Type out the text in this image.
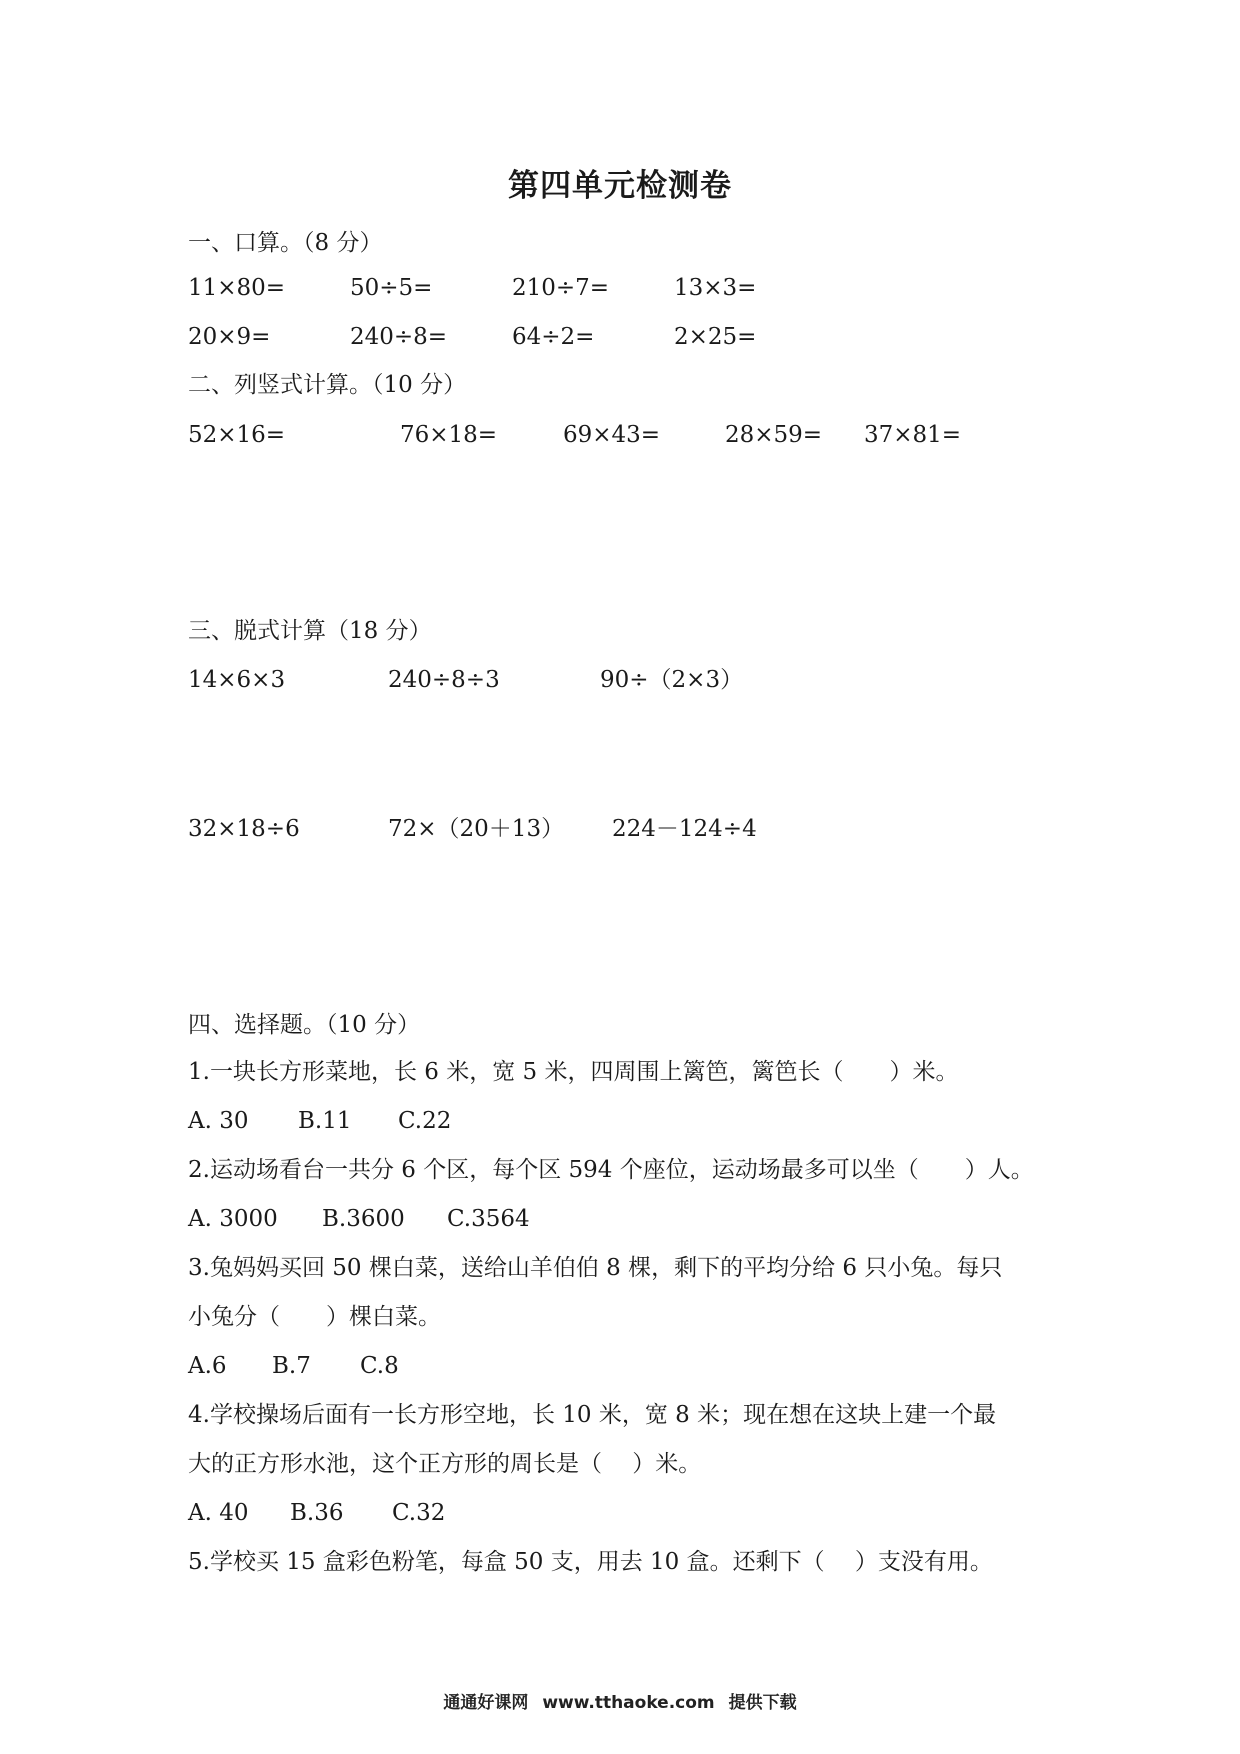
第四单元检测卷
一、口算。（8 分）
11×80=	50÷5=	210÷7=	13×3=
20×9=	240÷8=	64÷2=	2×25=
二、列竖式计算。（10 分）
52×16=	76×18=	69×43=	28×59= 37×81=
三、脱式计算（18 分）
14×6×3	240÷8÷3	90÷（2×3）
32×18÷6	72×（20＋13） 224－124÷4
四、选择题。（10 分）
1.一块长方形菜地，长 6 米，宽 5 米，四周围上篱笆，篱笆长（　　）米。
A. 30 B.11 C.22
2.运动场看台一共分 6 个区，每个区 594 个座位，运动场最多可以坐（　　）人。
A. 3000 B.3600 C.3564
3.兔妈妈买回 50 棵白菜，送给山羊伯伯 8 棵，剩下的平均分给 6 只小兔。每只
小兔分（　　）棵白菜。
A.6 B.7 C.8
4.学校操场后面有一长方形空地，长 10 米，宽 8 米；现在想在这块上建一个最
大的正方形水池，这个正方形的周长是（　 ）米。
A. 40 B.36 C.32
5.学校买 15 盒彩色粉笔，每盒 50 支，用去 10 盒。还剩下（　 ）支没有用。
通通好课网 www.tthaoke.com 提供下载
